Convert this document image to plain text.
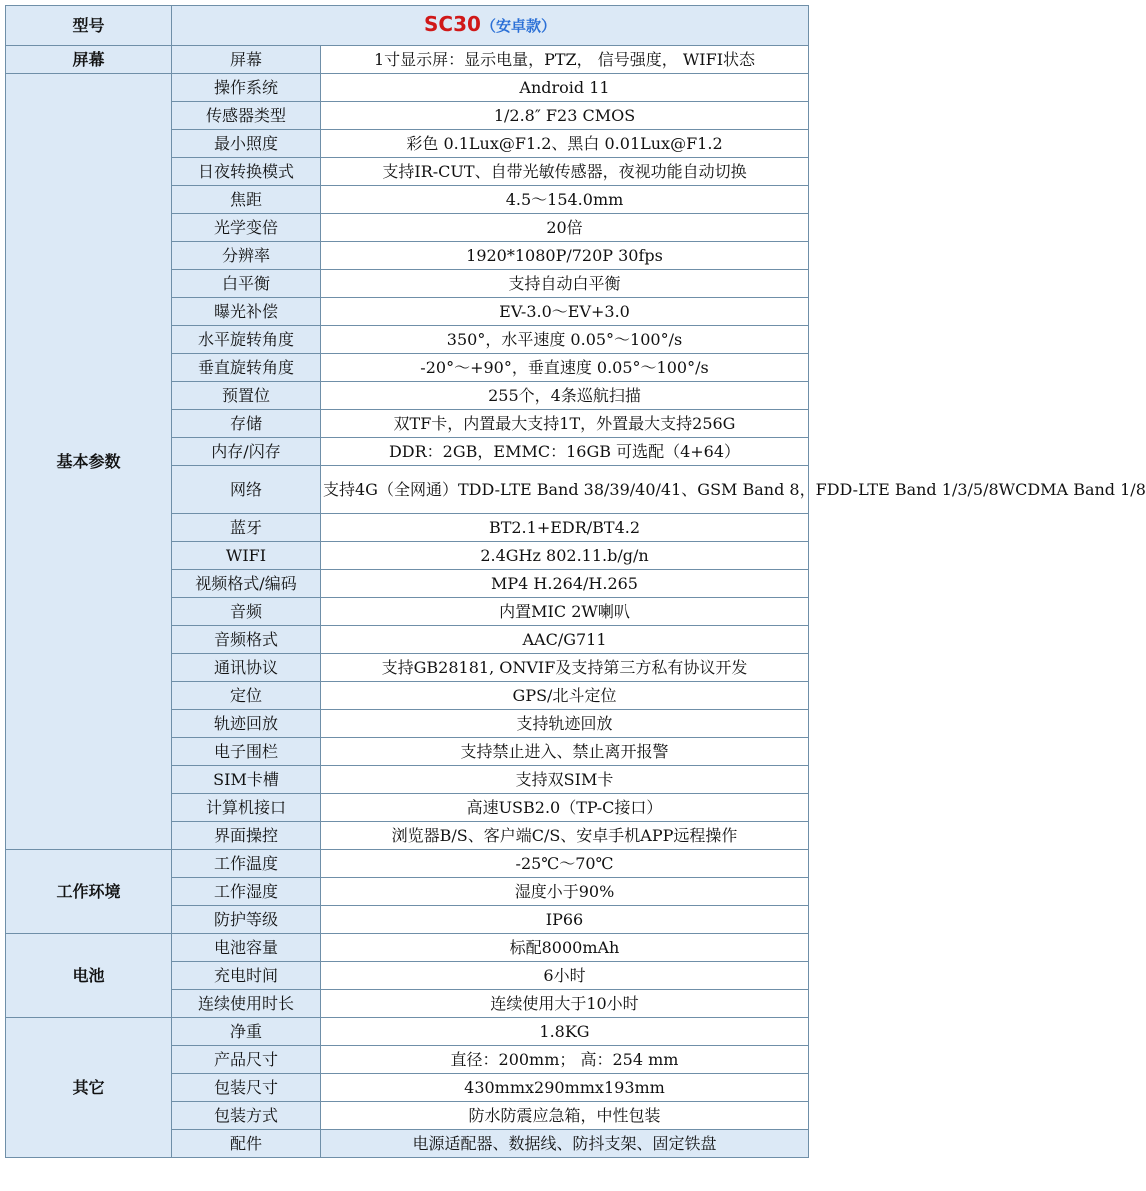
型号	SC30（安卓款）	
屏幕	屏幕	1寸显示屏：显示电量，PTZ， 信号强度， WIFI状态
基本参数	操作系统	Android 11
	传感器类型	1/2.8″ F23 CMOS
	最小照度	彩色 0.1Lux@F1.2、黑白 0.01Lux@F1.2
	日夜转换模式	支持IR-CUT、自带光敏传感器，夜视功能自动切换
	焦距	4.5～154.0mm
	光学变倍	20倍
	分辨率	1920*1080P/720P 30fps
	白平衡	支持自动白平衡
	曝光补偿	EV-3.0～EV+3.0
	水平旋转角度	350°，水平速度 0.05°～100°/s
	垂直旋转角度	-20°～+90°，垂直速度 0.05°～100°/s
	预置位	255个，4条巡航扫描
	存储	双TF卡，内置最大支持1T，外置最大支持256G
	内存/闪存	DDR：2GB，EMMC：16GB 可选配（4+64）
	网络	支持4G（全网通）TDD-LTE Band 38/39/40/41、GSM Band 8，FDD-LTE Band 1/3/5/8WCDMA Band 1/8
	蓝牙	BT2.1+EDR/BT4.2
	WIFI	2.4GHz 802.11.b/g/n
	视频格式/编码	MP4 H.264/H.265
	音频	内置MIC 2W喇叭
	音频格式	AAC/G711
	通讯协议	支持GB28181, ONVIF及支持第三方私有协议开发
	定位	GPS/北斗定位
	轨迹回放	支持轨迹回放
	电子围栏	支持禁止进入、禁止离开报警
	SIM卡槽	支持双SIM卡
	计算机接口	高速USB2.0（TP-C接口）
	界面操控	浏览器B/S、客户端C/S、安卓手机APP远程操作
工作环境	工作温度	-25℃～70℃
	工作湿度	湿度小于90%
	防护等级	IP66
电池	电池容量	标配8000mAh
	充电时间	6小时
	连续使用时长	连续使用大于10小时
其它	净重	1.8KG
	产品尺寸	直径：200mm； 高：254 mm
	包装尺寸	430mmx290mmx193mm
	包装方式	防水防震应急箱，中性包装
	配件	电源适配器、数据线、防抖支架、固定铁盘
